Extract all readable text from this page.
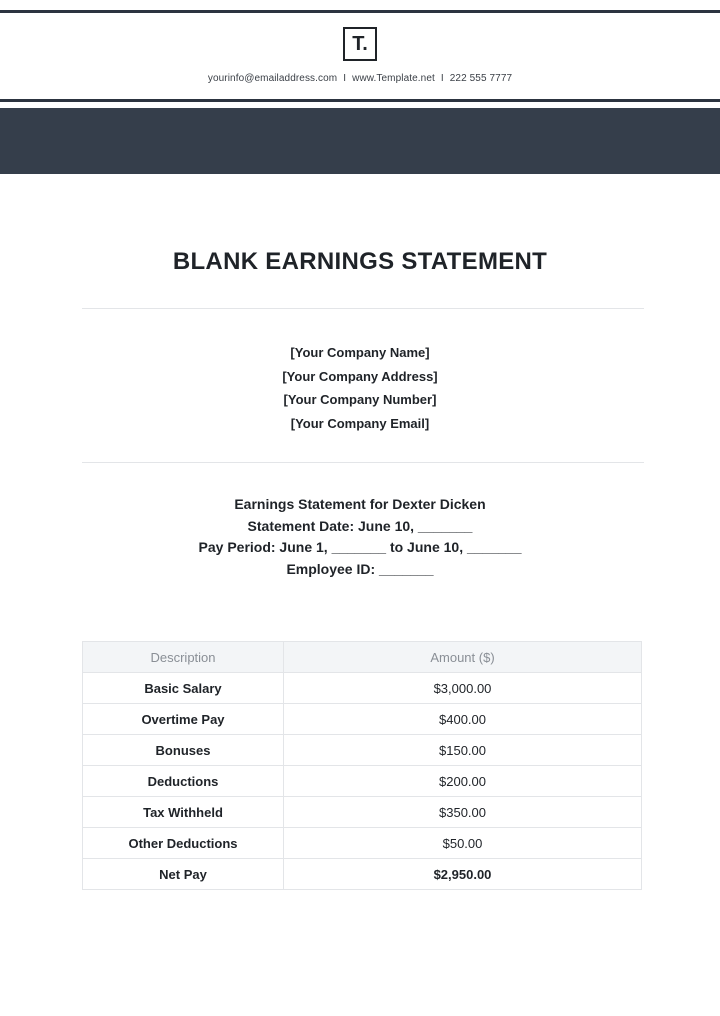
T.
yourinfo@emailaddress.com I www.Template.net I 222 555 7777
BLANK EARNINGS STATEMENT
[Your Company Name]
[Your Company Address]
[Your Company Number]
[Your Company Email]
Earnings Statement for Dexter Dicken
Statement Date: June 10, _______
Pay Period: June 1, _______ to June 10, _______
Employee ID: _______
Description	Amount ($)
Basic Salary	$3,000.00
Overtime Pay	$400.00
Bonuses	$150.00
Deductions	$200.00
Tax Withheld	$350.00
Other Deductions	$50.00
Net Pay	$2,950.00
